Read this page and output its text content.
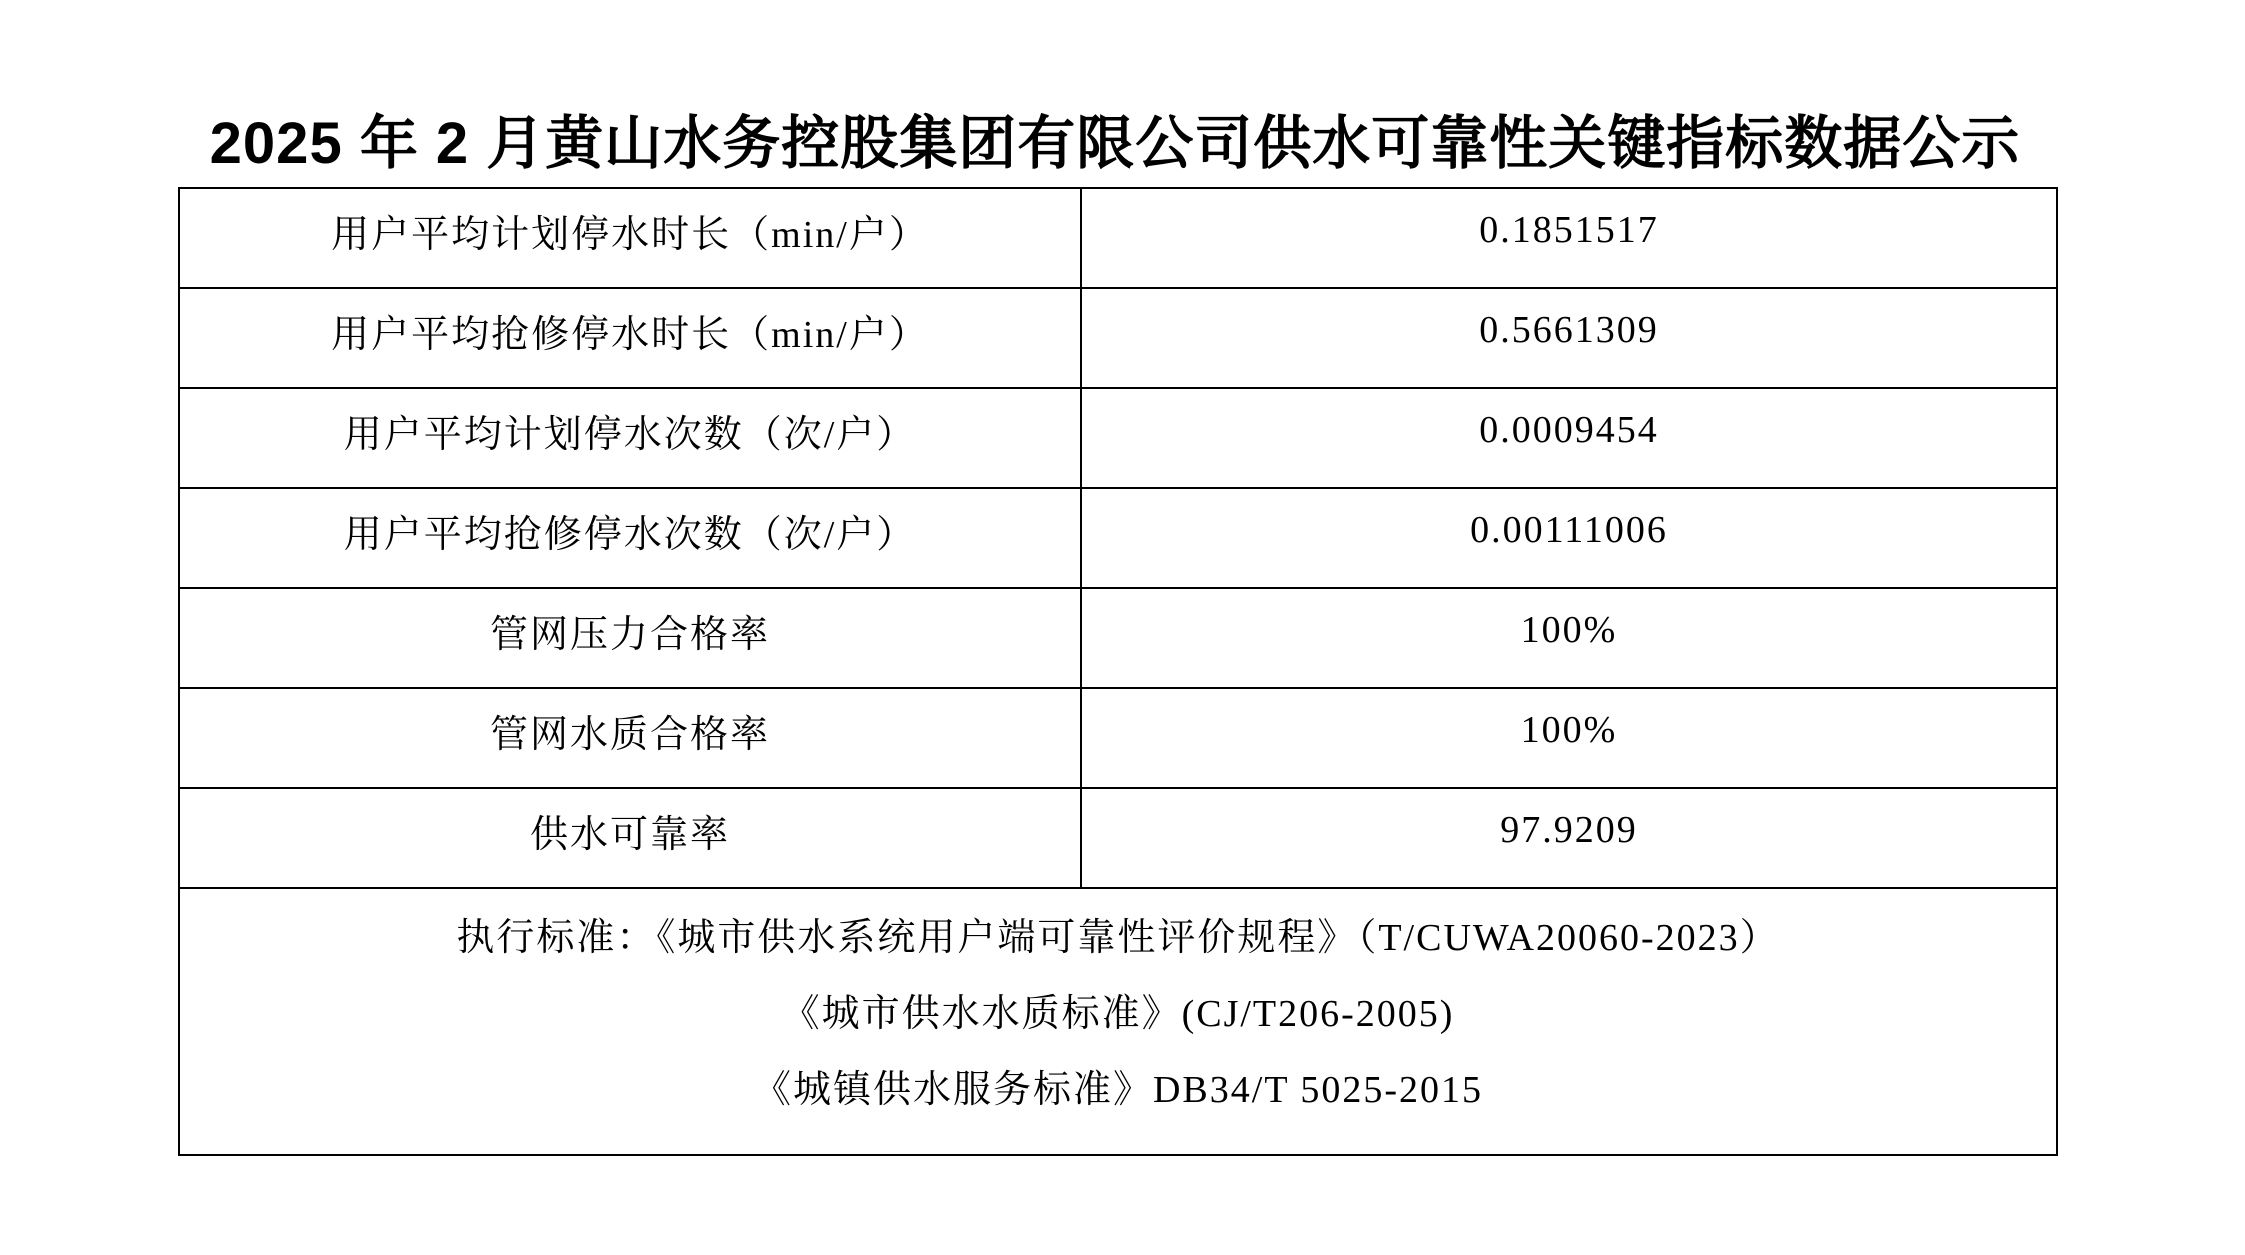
2025 年 2 月黄山水务控股集团有限公司供水可靠性关键指标数据公示
用户平均计划停水时长（min/户）	0.1851517
用户平均抢修停水时长（min/户）	0.5661309
用户平均计划停水次数（次/户）	0.0009454
用户平均抢修停水次数（次/户）	0.00111006
管网压力合格率	100%
管网水质合格率	100%
供水可靠率	97.9209

执行标准：《城市供水系统用户端可靠性评价规程》（T/CUWA20060-2023）
《城市供水水质标准》(CJ/T206-2005)
《城镇供水服务标准》DB34/T 5025-2015	
